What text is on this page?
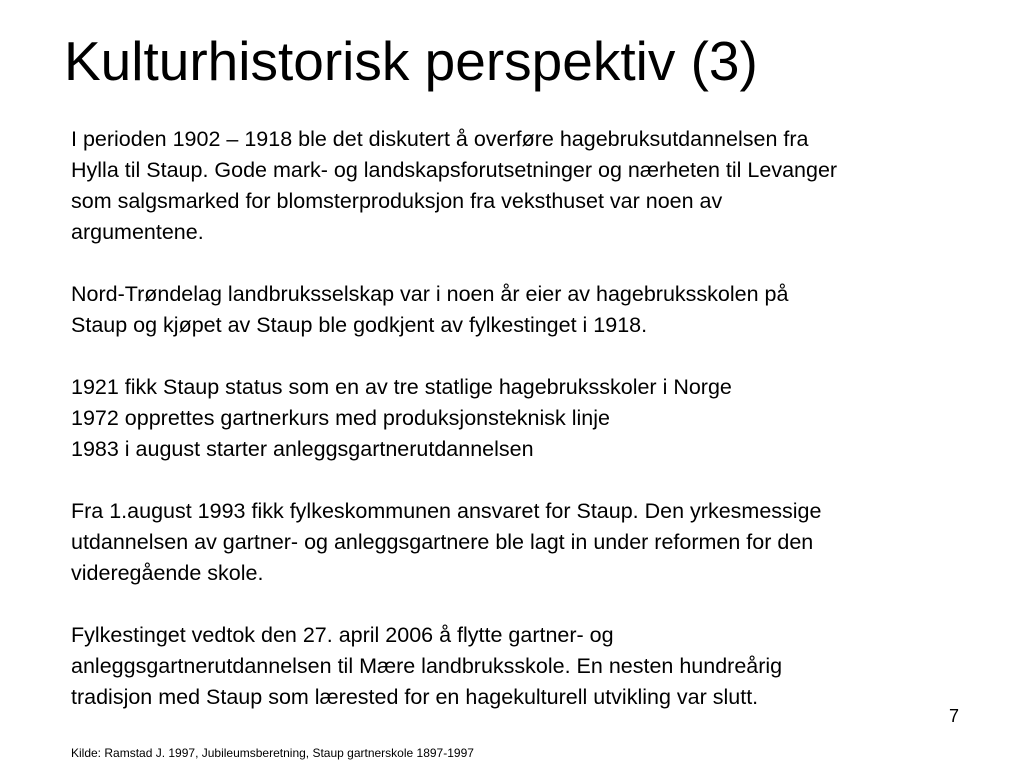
Kulturhistorisk perspektiv (3)

I perioden 1902 – 1918 ble det diskutert å overføre hagebruksutdannelsen fra
Hylla til Staup. Gode mark- og landskapsforutsetninger og nærheten til Levanger
som salgsmarked for blomsterproduksjon fra veksthuset var noen av
argumentene.

Nord-Trøndelag landbruksselskap var i noen år eier av hagebruksskolen på
Staup og kjøpet av Staup ble godkjent av fylkestinget i 1918.

1921 fikk Staup status som en av tre statlige hagebruksskoler i Norge
1972 opprettes gartnerkurs med produksjonsteknisk linje
1983 i august starter anleggsgartnerutdannelsen

Fra 1.august 1993 fikk fylkeskommunen ansvaret for Staup. Den yrkesmessige
utdannelsen av gartner- og anleggsgartnere ble lagt in under reformen for den
videregående skole.

Fylkestinget vedtok den 27. april 2006 å flytte gartner- og
anleggsgartnerutdannelsen til Mære landbruksskole. En nesten hundreårig
tradisjon med Staup som lærested for en hagekulturell utvikling var slutt.

7
Kilde: Ramstad J. 1997, Jubileumsberetning, Staup gartnerskole 1897-1997
